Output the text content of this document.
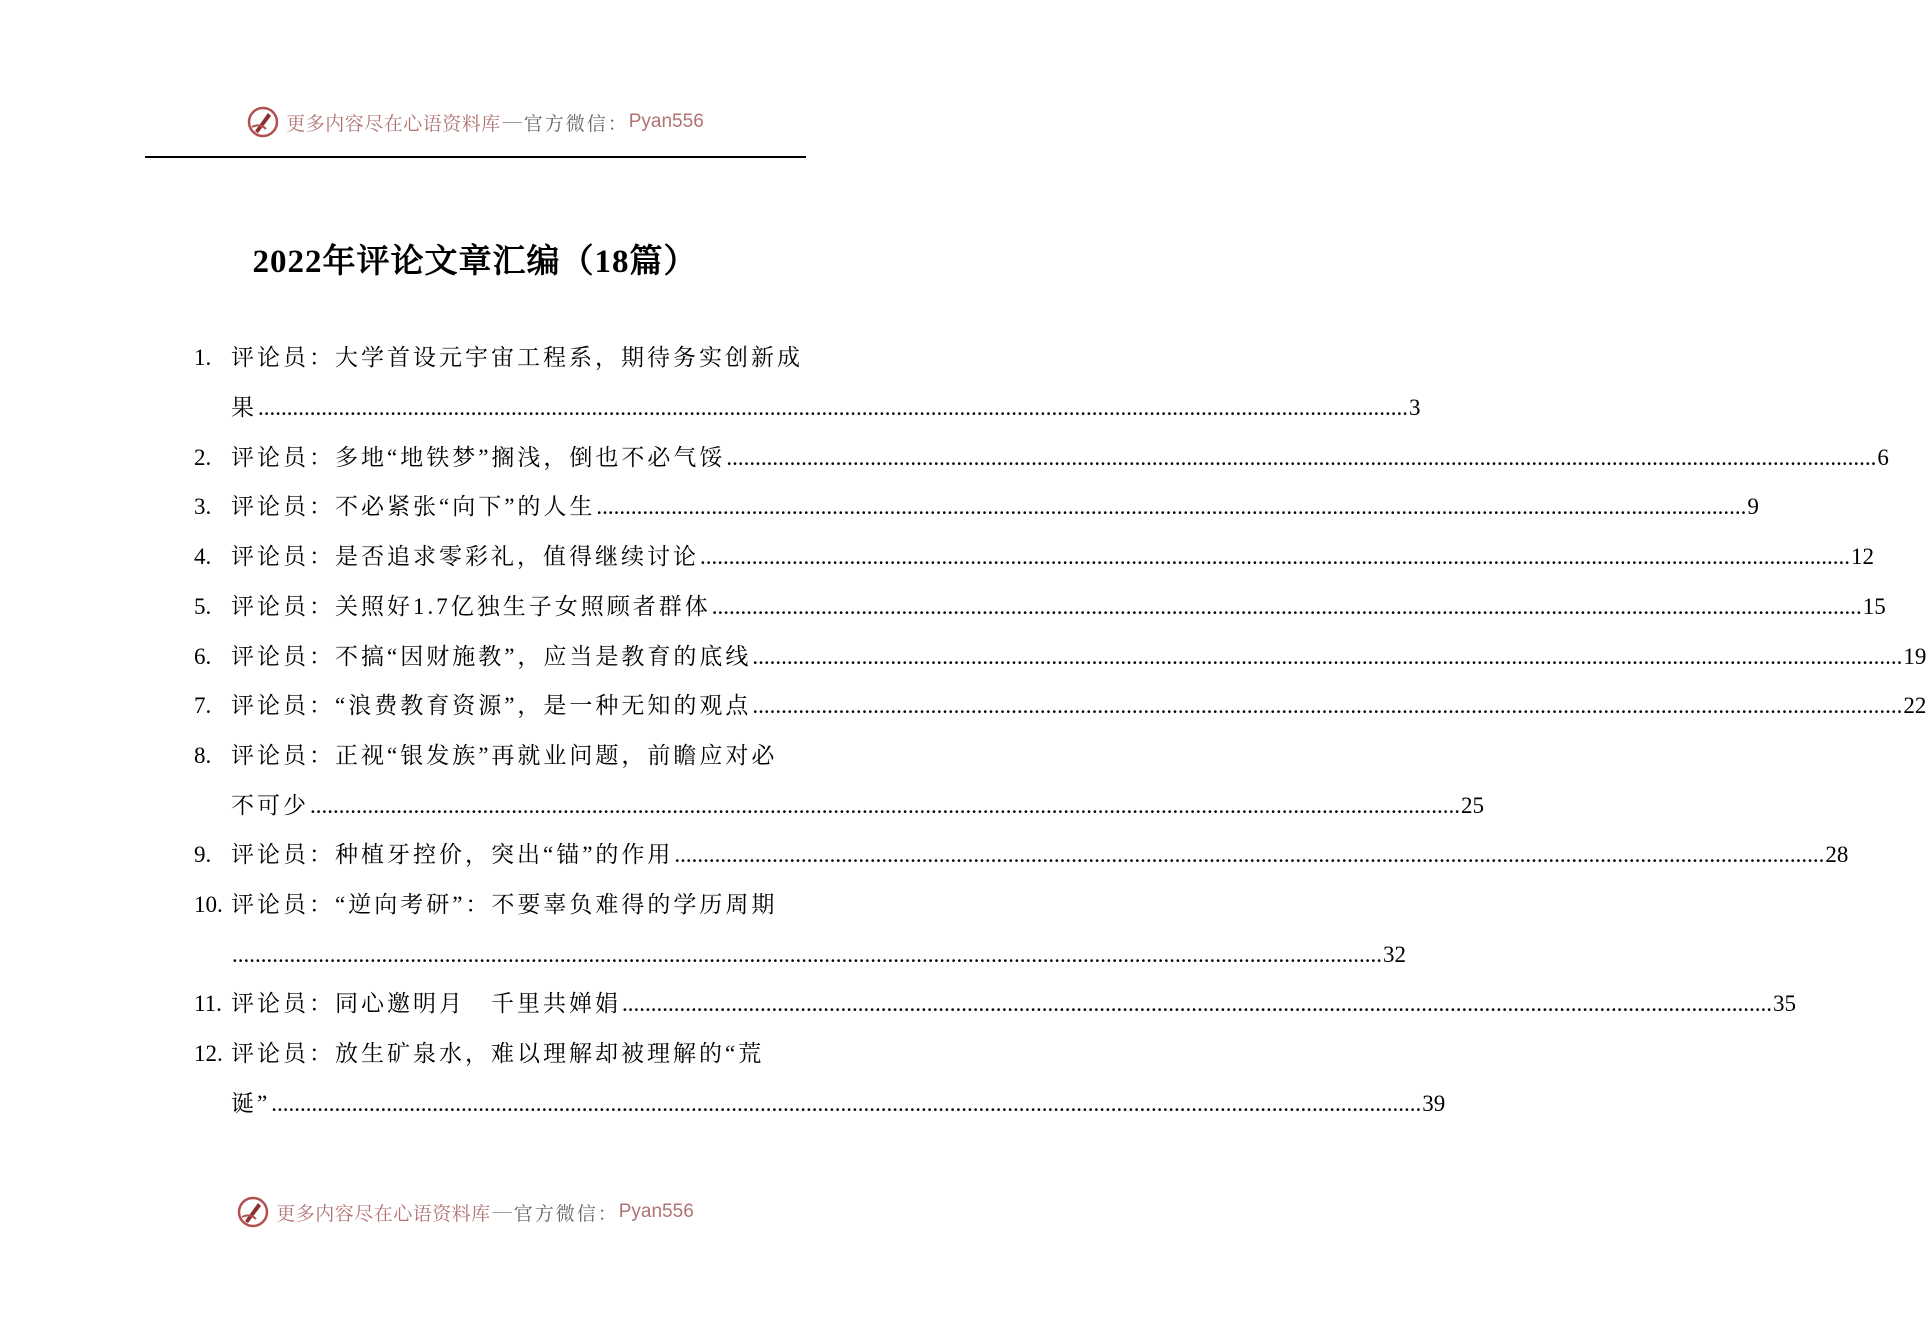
更多内容尽在心语资料库 — 官方微信： Pyan556
2022年评论文章汇编（18篇）
1. 评论员：大学首设元宇宙工程系，期待务实创新成
果 ........................................................................................................................................................................................................ 3
2. 评论员：多地“地铁梦”搁浅，倒也不必气馁 ........................................................................................................................................................................................................ 6
3. 评论员：不必紧张“向下”的人生 ........................................................................................................................................................................................................ 9
4. 评论员：是否追求零彩礼，值得继续讨论 ........................................................................................................................................................................................................ 12
5. 评论员：关照好1.7亿独生子女照顾者群体 ........................................................................................................................................................................................................ 15
6. 评论员：不搞“因财施教”，应当是教育的底线 ........................................................................................................................................................................................................ 19
7. 评论员：“浪费教育资源”，是一种无知的观点 ........................................................................................................................................................................................................ 22
8. 评论员：正视“银发族”再就业问题，前瞻应对必
不可少 ........................................................................................................................................................................................................ 25
9. 评论员：种植牙控价，突出“锚”的作用 ........................................................................................................................................................................................................ 28
10. 评论员：“逆向考研”：不要辜负难得的学历周期
........................................................................................................................................................................................................ 32
11. 评论员：同心邀明月　千里共婵娟 ........................................................................................................................................................................................................ 35
12. 评论员：放生矿泉水，难以理解却被理解的“荒
诞” ........................................................................................................................................................................................................ 39
更多内容尽在心语资料库 — 官方微信： Pyan556
